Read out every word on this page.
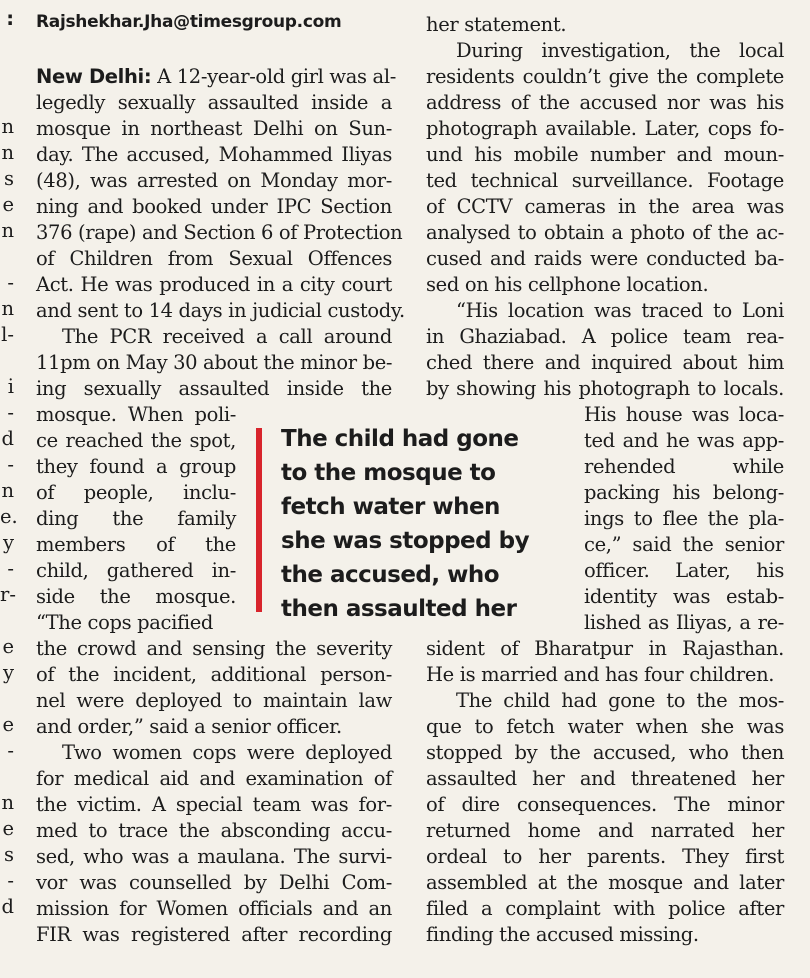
:
n
n
s
e
n
-
n
l-
i
-
d
-
n
e.
y
-
r-
e
y
e
-
n
e
s
-
d
Rajshekhar.Jha@timesgroup.com
New Delhi: A 12-year-old girl was al-
legedly sexually assaulted inside a
mosque in northeast Delhi on Sun-
day. The accused, Mohammed Iliyas
(48), was arrested on Monday mor-
ning and booked under IPC Section
376 (rape) and Section 6 of Protection
of Children from Sexual Offences
Act. He was produced in a city court
and sent to 14 days in judicial custody.
The PCR received a call around
11pm on May 30 about the minor be-
ing sexually assaulted inside the
mosque. When poli-
ce reached the spot,
they found a group
of people, inclu-
ding the family
members of the
child, gathered in-
side the mosque.
“The cops pacified
the crowd and sensing the severity
of the incident, additional person-
nel were deployed to maintain law
and order,” said a senior officer.
Two women cops were deployed
for medical aid and examination of
the victim. A special team was for-
med to trace the absconding accu-
sed, who was a maulana. The survi-
vor was counselled by Delhi Com-
mission for Women officials and an
FIR was registered after recording
her statement.
During investigation, the local
residents couldn’t give the complete
address of the accused nor was his
photograph available. Later, cops fo-
und his mobile number and moun-
ted technical surveillance. Footage
of CCTV cameras in the area was
analysed to obtain a photo of the ac-
cused and raids were conducted ba-
sed on his cellphone location.
“His location was traced to Loni
in Ghaziabad. A police team rea-
ched there and inquired about him
by showing his photograph to locals.
His house was loca-
ted and he was app-
rehended while
packing his belong-
ings to flee the pla-
ce,” said the senior
officer. Later, his
identity was estab-
lished as Iliyas, a re-
sident of Bharatpur in Rajasthan.
He is married and has four children.
The child had gone to the mos-
que to fetch water when she was
stopped by the accused, who then
assaulted her and threatened her
of dire consequences. The minor
returned home and narrated her
ordeal to her parents. They first
assembled at the mosque and later
filed a complaint with police after
finding the accused missing.
The child had gone
to the mosque to
fetch water when
she was stopped by
the accused, who
then assaulted her
